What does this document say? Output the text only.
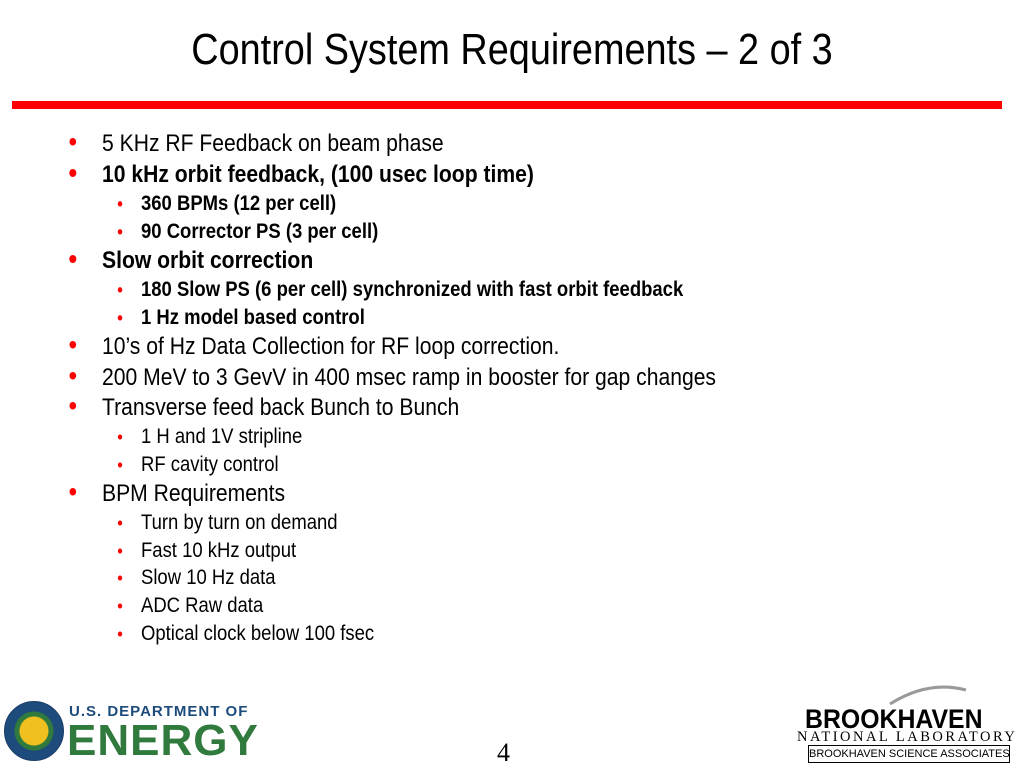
Control System Requirements – 2 of 3
• 5 KHz RF Feedback on beam phase
• 10 kHz orbit feedback, (100 usec loop time)
• 360 BPMs (12 per cell)
• 90 Corrector PS (3 per cell)
• Slow orbit correction
• 180 Slow PS (6 per cell) synchronized with fast orbit feedback
• 1 Hz model based control
• 10’s of Hz Data Collection for RF loop correction.
• 200 MeV to 3 GevV in 400 msec ramp in booster for gap changes
• Transverse feed back Bunch to Bunch
• 1 H and 1V stripline
• RF cavity control
• BPM Requirements
• Turn by turn on demand
• Fast 10 kHz output
• Slow 10 Hz data
• ADC Raw data
• Optical clock below 100 fsec
U.S. DEPARTMENT OF
ENERGY	4
BROOKHAVEN
NATIONAL LABORATORY
BROOKHAVEN SCIENCE ASSOCIATES
